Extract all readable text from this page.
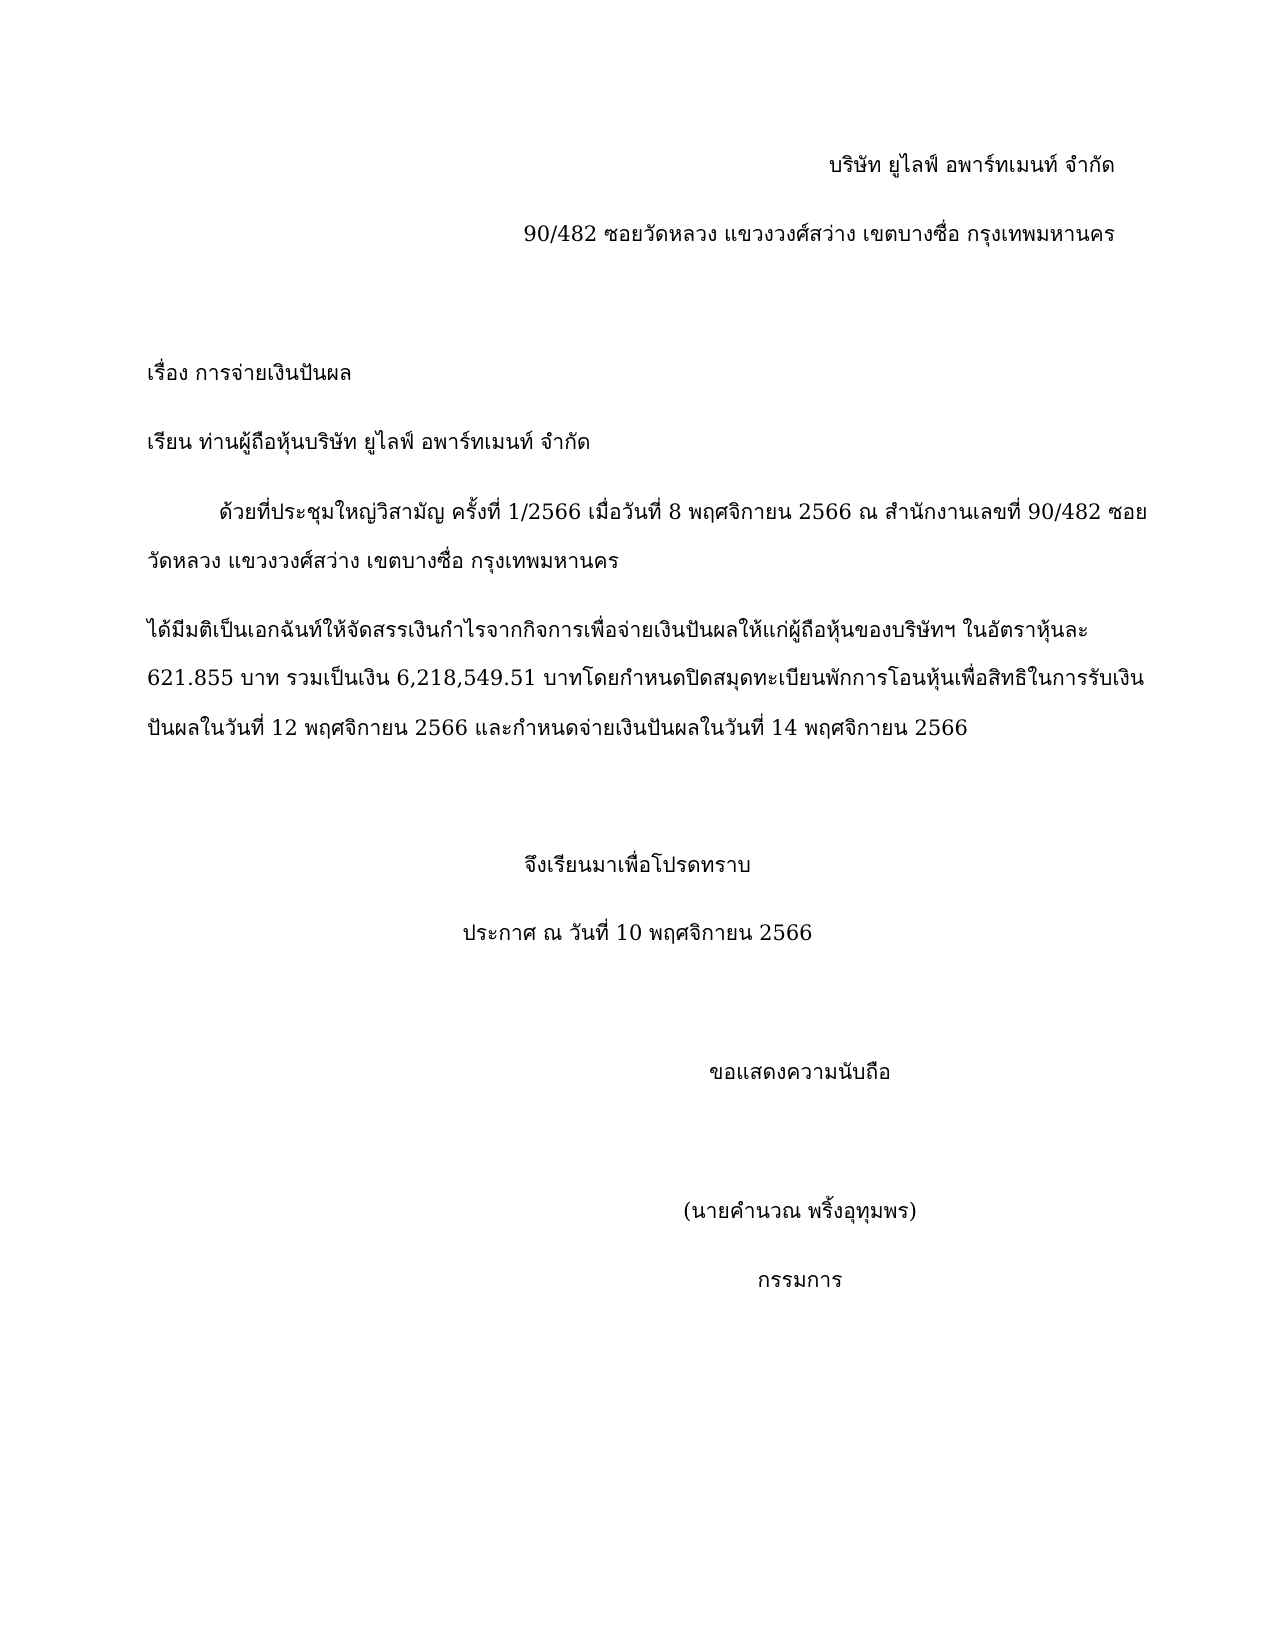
บริษัท ยูไลฟ์ อพาร์ทเมนท์ จำกัด
90/482 ซอยวัดหลวง แขวงวงศ์สว่าง เขตบางซื่อ กรุงเทพมหานคร
เรื่อง การจ่ายเงินปันผล
เรียน ท่านผู้ถือหุ้นบริษัท ยูไลฟ์ อพาร์ทเมนท์ จำกัด
ด้วยที่ประชุมใหญ่วิสามัญ ครั้งที่ 1/2566 เมื่อวันที่ 8 พฤศจิกายน 2566 ณ สำนักงานเลขที่ 90/482 ซอย
วัดหลวง แขวงวงศ์สว่าง เขตบางซื่อ กรุงเทพมหานคร
ได้มีมติเป็นเอกฉันท์ให้จัดสรรเงินกำไรจากกิจการเพื่อจ่ายเงินปันผลให้แก่ผู้ถือหุ้นของบริษัทฯ ในอัตราหุ้นละ
621.855 บาท รวมเป็นเงิน 6,218,549.51 บาทโดยกำหนดปิดสมุดทะเบียนพักการโอนหุ้นเพื่อสิทธิในการรับเงิน
ปันผลในวันที่ 12 พฤศจิกายน 2566 และกำหนดจ่ายเงินปันผลในวันที่ 14 พฤศจิกายน 2566
จึงเรียนมาเพื่อโปรดทราบ
ประกาศ ณ วันที่ 10 พฤศจิกายน 2566
ขอแสดงความนับถือ
(นายคำนวณ พริ้งอุทุมพร)
กรรมการ
